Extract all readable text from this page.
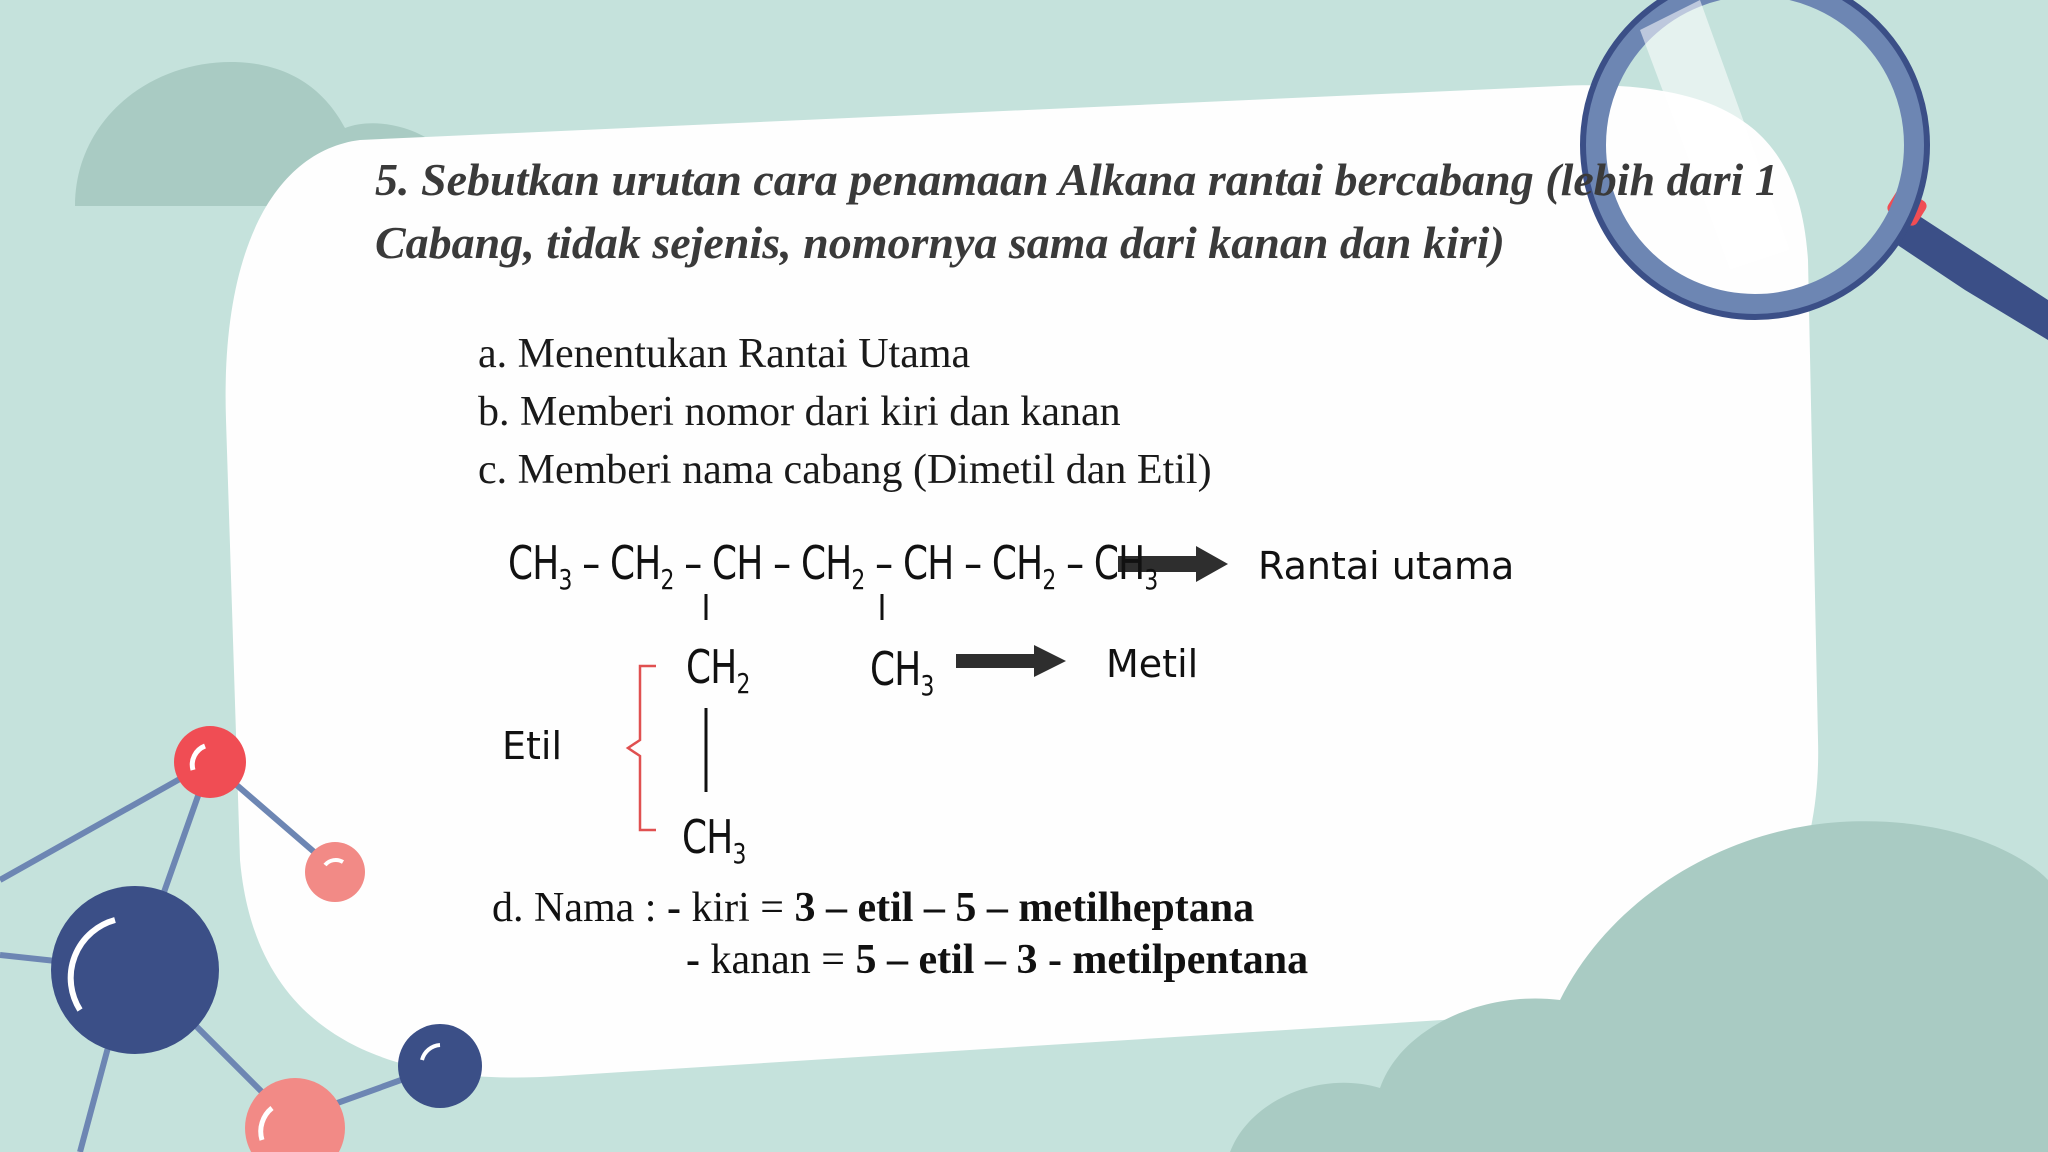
5. Sebutkan urutan cara penamaan Alkana rantai bercabang (lebih dari 1 Cabang, tidak sejenis, nomornya sama dari kanan dan kiri)
a. Menentukan Rantai Utama
b. Memberi nomor dari kiri dan kanan
c. Memberi nama cabang (Dimetil dan Etil)
$CH_3 - CH_2$ – CH – $CH_2$ – CH – $CH_2 - CH_3$	Rantai utama
$CH_2$	$CH_3$	Metil
Etil
$CH_3$
d. Nama : - kiri = 3 – etil – 5 – metilheptana
- kanan = 5 – etil – 3 - metilpentana
